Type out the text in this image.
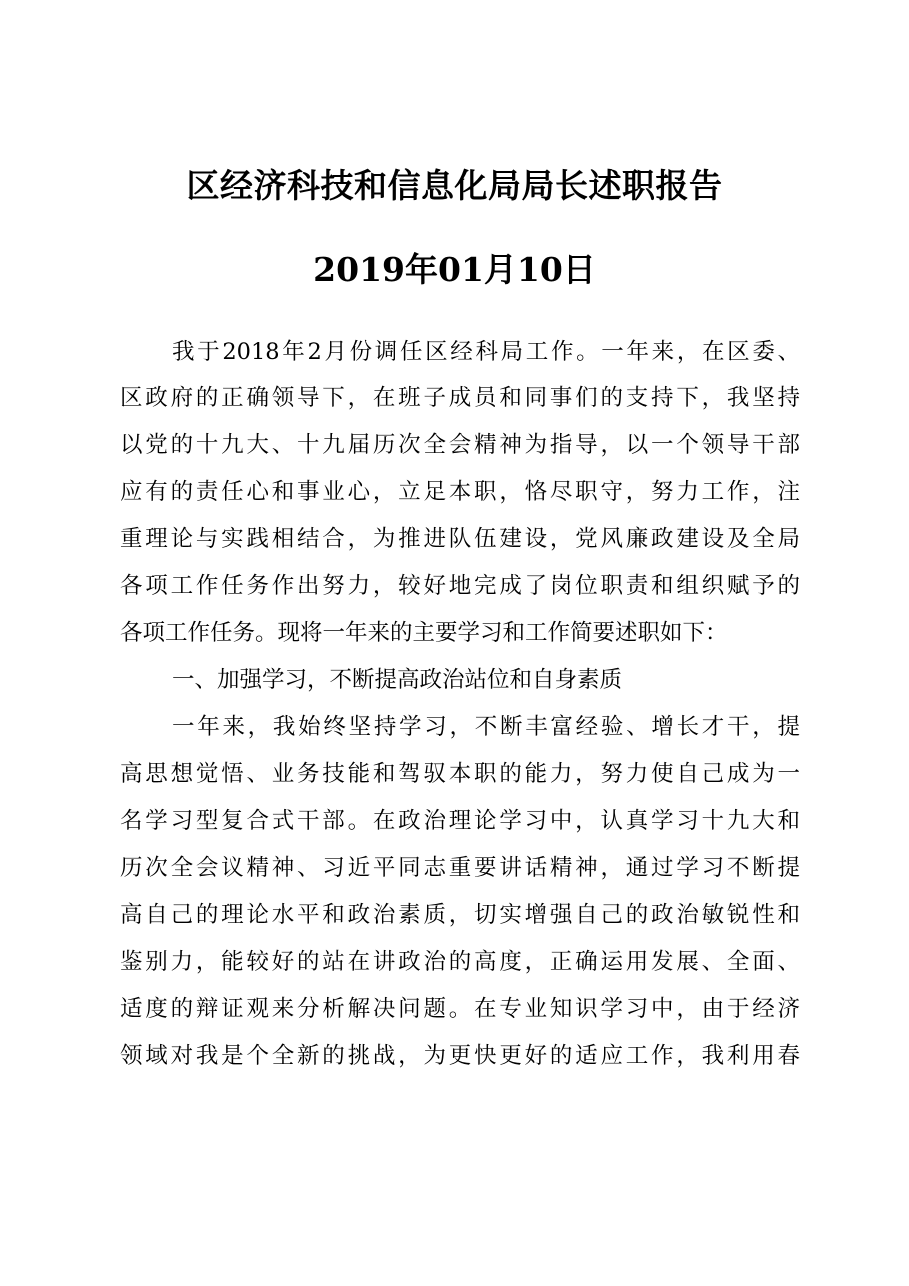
区经济科技和信息化局局长述职报告
2019年01月10日
我于2018年2月份调任区经科局工作。一年来，在区委、
区政府的正确领导下，在班子成员和同事们的支持下，我坚持
以党的十九大、十九届历次全会精神为指导，以一个领导干部
应有的责任心和事业心，立足本职，恪尽职守，努力工作，注
重理论与实践相结合，为推进队伍建设，党风廉政建设及全局
各项工作任务作出努力，较好地完成了岗位职责和组织赋予的
各项工作任务。现将一年来的主要学习和工作简要述职如下：
一、加强学习，不断提高政治站位和自身素质
一年来，我始终坚持学习，不断丰富经验、增长才干，提
高思想觉悟、业务技能和驾驭本职的能力，努力使自己成为一
名学习型复合式干部。在政治理论学习中，认真学习十九大和
历次全会议精神、习近平同志重要讲话精神，通过学习不断提
高自己的理论水平和政治素质，切实增强自己的政治敏锐性和
鉴别力，能较好的站在讲政治的高度，正确运用发展、全面、
适度的辩证观来分析解决问题。在专业知识学习中，由于经济
领域对我是个全新的挑战，为更快更好的适应工作，我利用春
